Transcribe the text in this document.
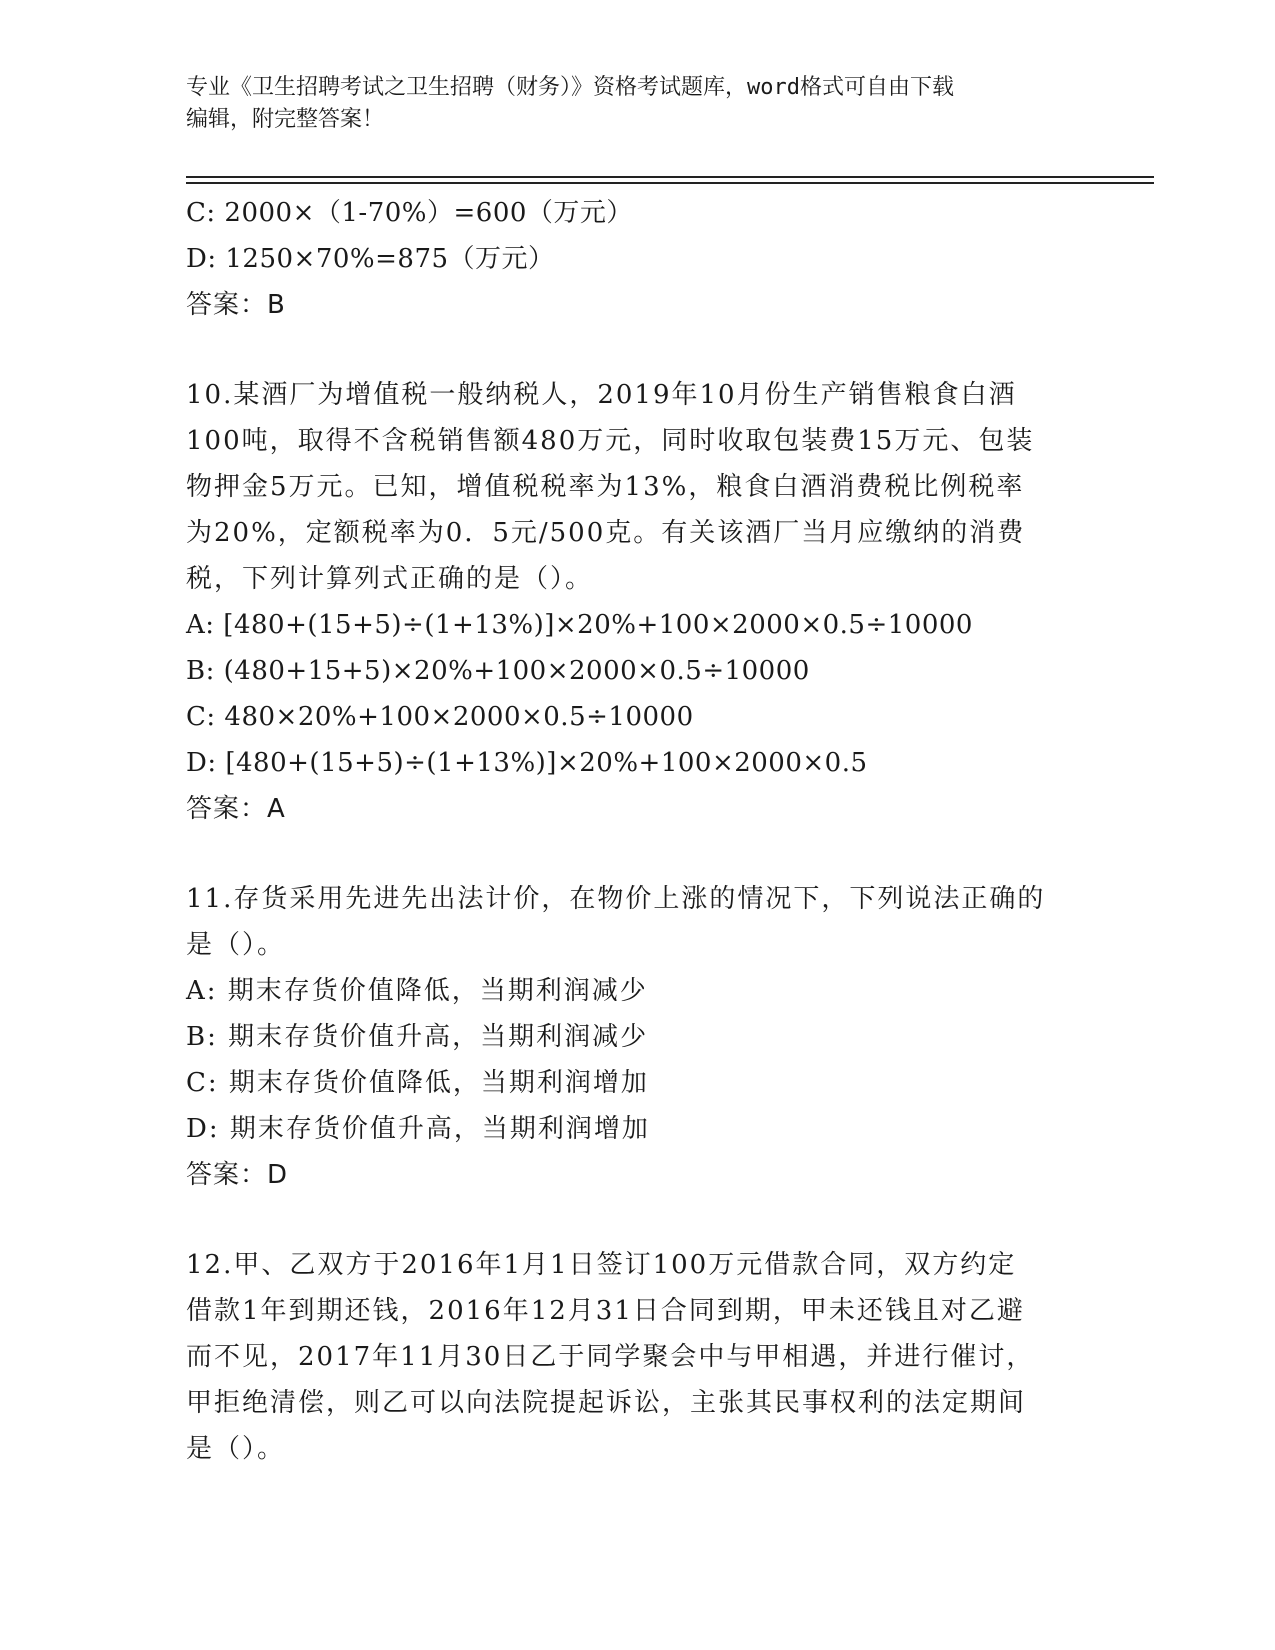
专业《卫生招聘考试之卫生招聘（财务）》资格考试题库，word格式可自由下载
编辑，附完整答案！
C: 2000×（1-70%）=600（万元）
D: 1250×70%=875（万元）
答案：B
10.某酒厂为增值税一般纳税人，2019年10月份生产销售粮食白酒
100吨，取得不含税销售额480万元，同时收取包装费15万元、包装
物押金5万元。已知，增值税税率为13%，粮食白酒消费税比例税率
为20%，定额税率为0．5元/500克。有关该酒厂当月应缴纳的消费
税，下列计算列式正确的是（）。
A: [480+(15+5)÷(1+13%)]×20%+100×2000×0.5÷10000
B: (480+15+5)×20%+100×2000×0.5÷10000
C: 480×20%+100×2000×0.5÷10000
D: [480+(15+5)÷(1+13%)]×20%+100×2000×0.5
答案：A
11.存货采用先进先出法计价，在物价上涨的情况下，下列说法正确的
是（）。
A: 期末存货价值降低，当期利润减少
B: 期末存货价值升高，当期利润减少
C: 期末存货价值降低，当期利润增加
D: 期末存货价值升高，当期利润增加
答案：D
12.甲、乙双方于2016年1月1日签订100万元借款合同，双方约定
借款1年到期还钱，2016年12月31日合同到期，甲未还钱且对乙避
而不见，2017年11月30日乙于同学聚会中与甲相遇，并进行催讨，
甲拒绝清偿，则乙可以向法院提起诉讼，主张其民事权利的法定期间
是（）。
